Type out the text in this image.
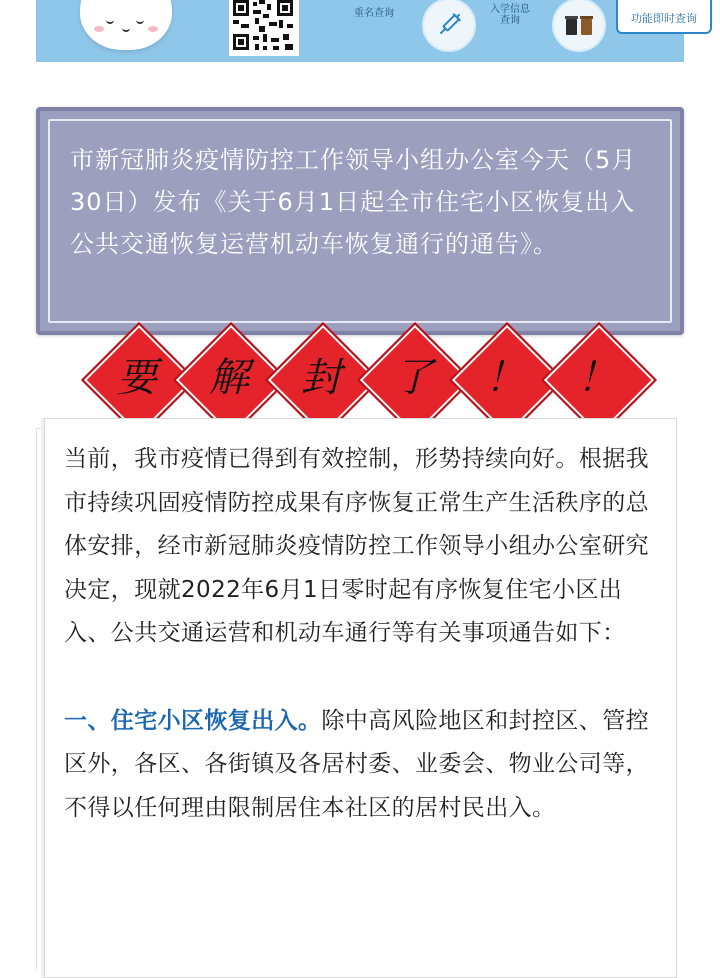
重名查询	入学信息
查询	功能即时查询
市新冠肺炎疫情防控工作领导小组办公室今天（5月30日）发布《关于6月1日起全市住宅小区恢复出入公共交通恢复运营机动车恢复通行的通告》。
要	解	封	了	！	！

当前，我市疫情已得到有效控制，形势持续向好。根据我市持续巩固疫情防控成果有序恢复正常生产生活秩序的总体安排，经市新冠肺炎疫情防控工作领导小组办公室研究决定，现就2022年6月1日零时起有序恢复住宅小区出入、公共交通运营和机动车通行等有关事项通告如下：

一、住宅小区恢复出入。除中高风险地区和封控区、管控区外，各区、各街镇及各居村委、业委会、物业公司等，不得以任何理由限制居住本社区的居村民出入。
